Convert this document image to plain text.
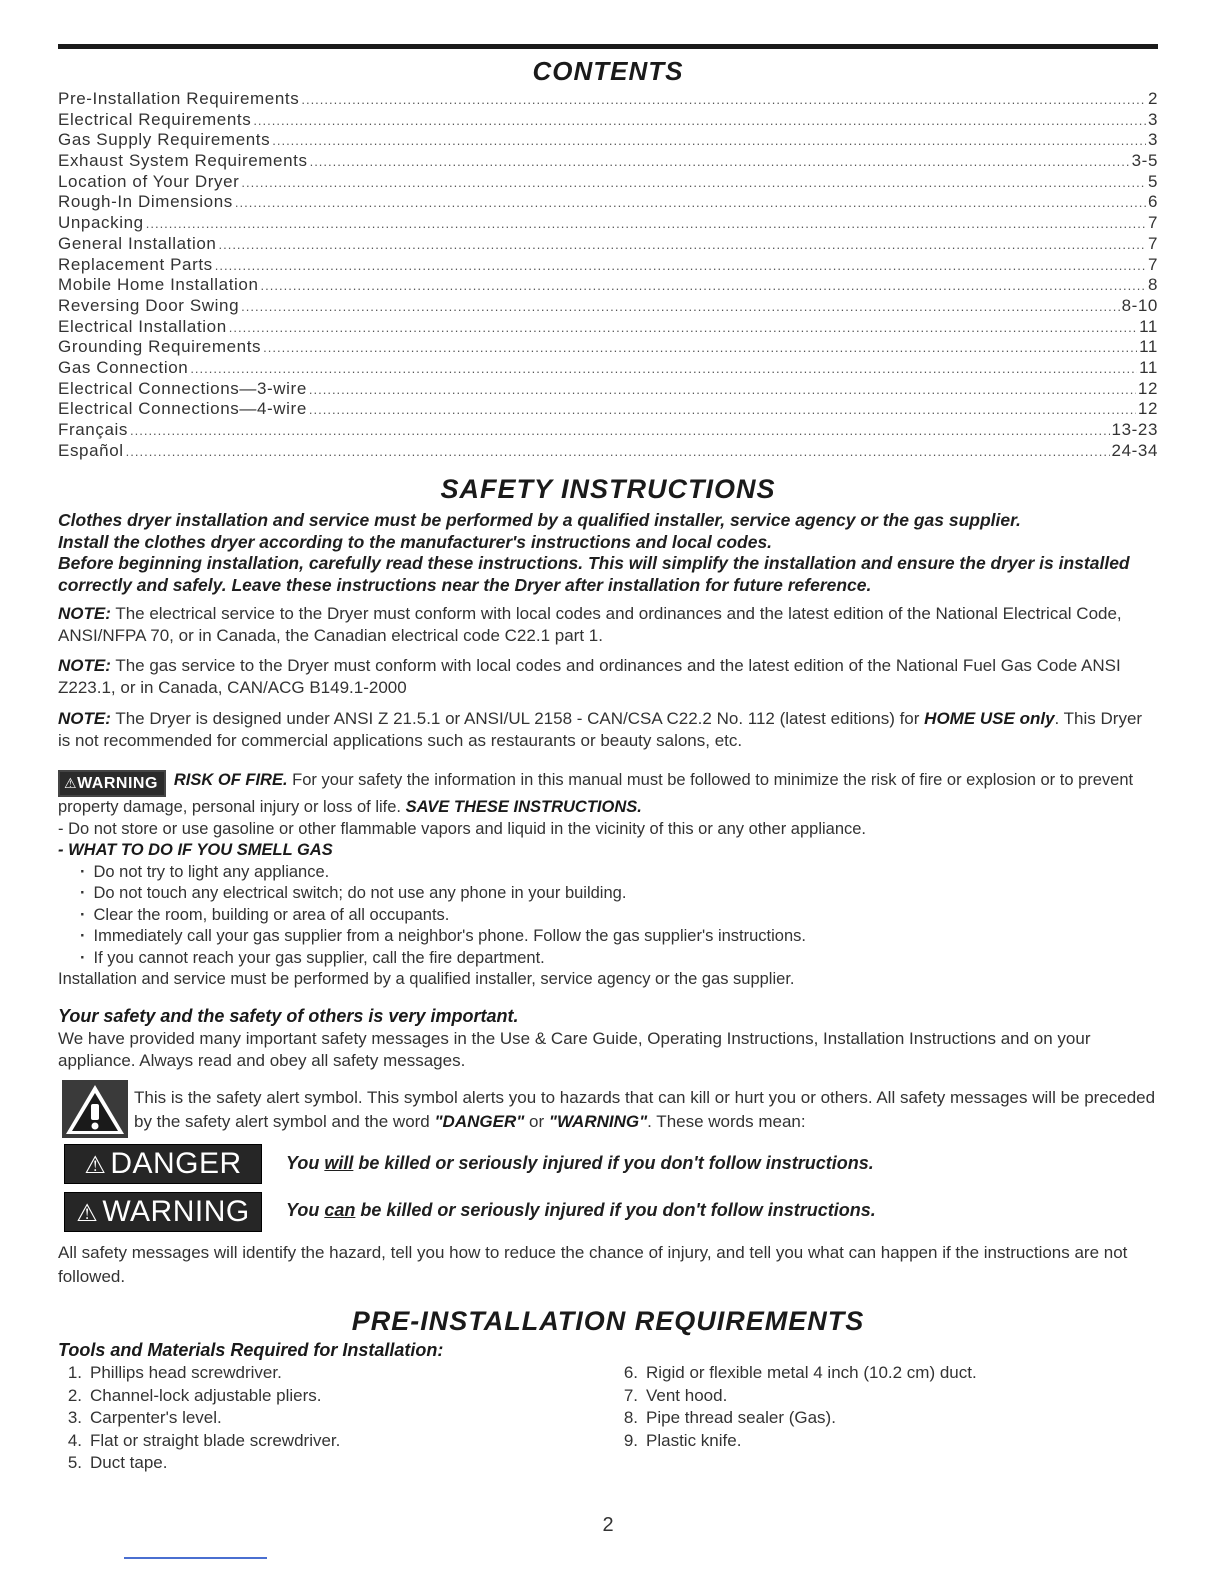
CONTENTS
Pre-Installation Requirements .....	2
Electrical Requirements .....	3
Gas Supply Requirements .....	3
Exhaust System Requirements .....	3-5
Location of Your Dryer .....	5
Rough-In Dimensions .....	6
Unpacking .....	7
General Installation .....	7
Replacement Parts .....	7
Mobile Home Installation .....	8
Reversing Door Swing .....	8-10
Electrical Installation .....	11
Grounding Requirements .....	11
Gas Connection .....	11
Electrical Connections—3-wire .....	12
Electrical Connections—4-wire .....	12
Français .....	13-23
Español .....	24-34
SAFETY INSTRUCTIONS

Clothes dryer installation and service must be performed by a qualified installer, service agency or the gas supplier.

Install the clothes dryer according to the manufacturer's instructions and local codes.

Before beginning installation, carefully read these instructions. This will simplify the installation and ensure the dryer is installed correctly and safely. Leave these instructions near the Dryer after installation for future reference.

NOTE: The electrical service to the Dryer must conform with local codes and ordinances and the latest edition of the National Electrical Code, ANSI/NFPA 70, or in Canada, the Canadian electrical code C22.1 part 1.

NOTE: The gas service to the Dryer must conform with local codes and ordinances and the latest edition of the National Fuel Gas Code ANSI Z223.1, or in Canada, CAN/ACG B149.1-2000

NOTE: The Dryer is designed under ANSI Z 21.5.1 or ANSI/UL 2158 - CAN/CSA C22.2 No. 112 (latest editions) for HOME USE only. This Dryer is not recommended for commercial applications such as restaurants or beauty salons, etc.

⚠WARNING RISK OF FIRE. For your safety the information in this manual must be followed to minimize the risk of fire or explosion or to prevent property damage, personal injury or loss of life. SAVE THESE INSTRUCTIONS.

- Do not store or use gasoline or other flammable vapors and liquid in the vicinity of this or any other appliance.

- WHAT TO DO IF YOU SMELL GAS

· Do not try to light any appliance.
· Do not touch any electrical switch; do not use any phone in your building.
· Clear the room, building or area of all occupants.
· Immediately call your gas supplier from a neighbor's phone. Follow the gas supplier's instructions.
· If you cannot reach your gas supplier, call the fire department.

Installation and service must be performed by a qualified installer, service agency or the gas supplier.

Your safety and the safety of others is very important.

We have provided many important safety messages in the Use & Care Guide, Operating Instructions, Installation Instructions and on your appliance. Always read and obey all safety messages.

This is the safety alert symbol. This symbol alerts you to hazards that can kill or hurt you or others. All safety messages will be preceded by the safety alert symbol and the word "DANGER" or "WARNING". These words mean:

⚠ DANGER	You will be killed or seriously injured if you don't follow instructions.

⚠ WARNING	You can be killed or seriously injured if you don't follow instructions.

All safety messages will identify the hazard, tell you how to reduce the chance of injury, and tell you what can happen if the instructions are not followed.

PRE-INSTALLATION REQUIREMENTS

Tools and Materials Required for Installation:

1. Phillips head screwdriver.
2. Channel-lock adjustable pliers.
3. Carpenter's level.
4. Flat or straight blade screwdriver.
5. Duct tape.
6. Rigid or flexible metal 4 inch (10.2 cm) duct.
7. Vent hood.
8. Pipe thread sealer (Gas).
9. Plastic knife.

2
